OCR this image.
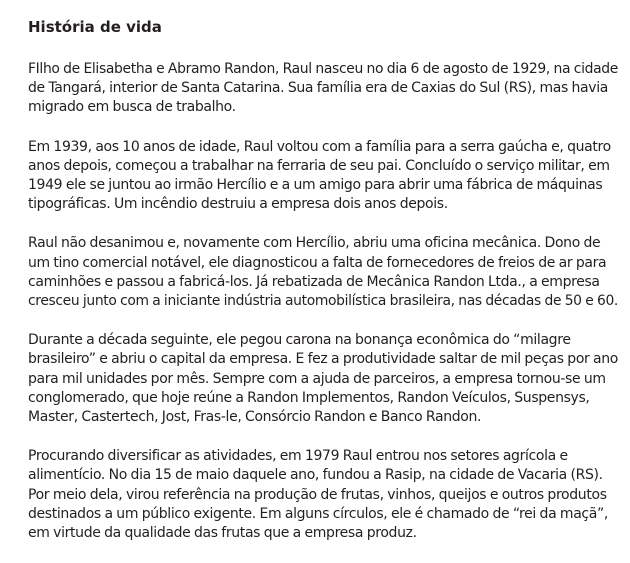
História de vida
FIlho de Elisabetha e Abramo Randon, Raul nasceu no dia 6 de agosto de 1929, na cidade
de Tangará, interior de Santa Catarina. Sua família era de Caxias do Sul (RS), mas havia
migrado em busca de trabalho.
Em 1939, aos 10 anos de idade, Raul voltou com a família para a serra gaúcha e, quatro
anos depois, começou a trabalhar na ferraria de seu pai. Concluído o serviço militar, em
1949 ele se juntou ao irmão Hercílio e a um amigo para abrir uma fábrica de máquinas
tipográficas. Um incêndio destruiu a empresa dois anos depois.
Raul não desanimou e, novamente com Hercílio, abriu uma oficina mecânica. Dono de
um tino comercial notável, ele diagnosticou a falta de fornecedores de freios de ar para
caminhões e passou a fabricá-los. Já rebatizada de Mecânica Randon Ltda., a empresa
cresceu junto com a iniciante indústria automobilística brasileira, nas décadas de 50 e 60.
Durante a década seguinte, ele pegou carona na bonança econômica do “milagre
brasileiro” e abriu o capital da empresa. E fez a produtividade saltar de mil peças por ano
para mil unidades por mês. Sempre com a ajuda de parceiros, a empresa tornou-se um
conglomerado, que hoje reúne a Randon Implementos, Randon Veículos, Suspensys,
Master, Castertech, Jost, Fras-le, Consórcio Randon e Banco Randon.
Procurando diversificar as atividades, em 1979 Raul entrou nos setores agrícola e
alimentício. No dia 15 de maio daquele ano, fundou a Rasip, na cidade de Vacaria (RS).
Por meio dela, virou referência na produção de frutas, vinhos, queijos e outros produtos
destinados a um público exigente. Em alguns círculos, ele é chamado de “rei da maçã”,
em virtude da qualidade das frutas que a empresa produz.
